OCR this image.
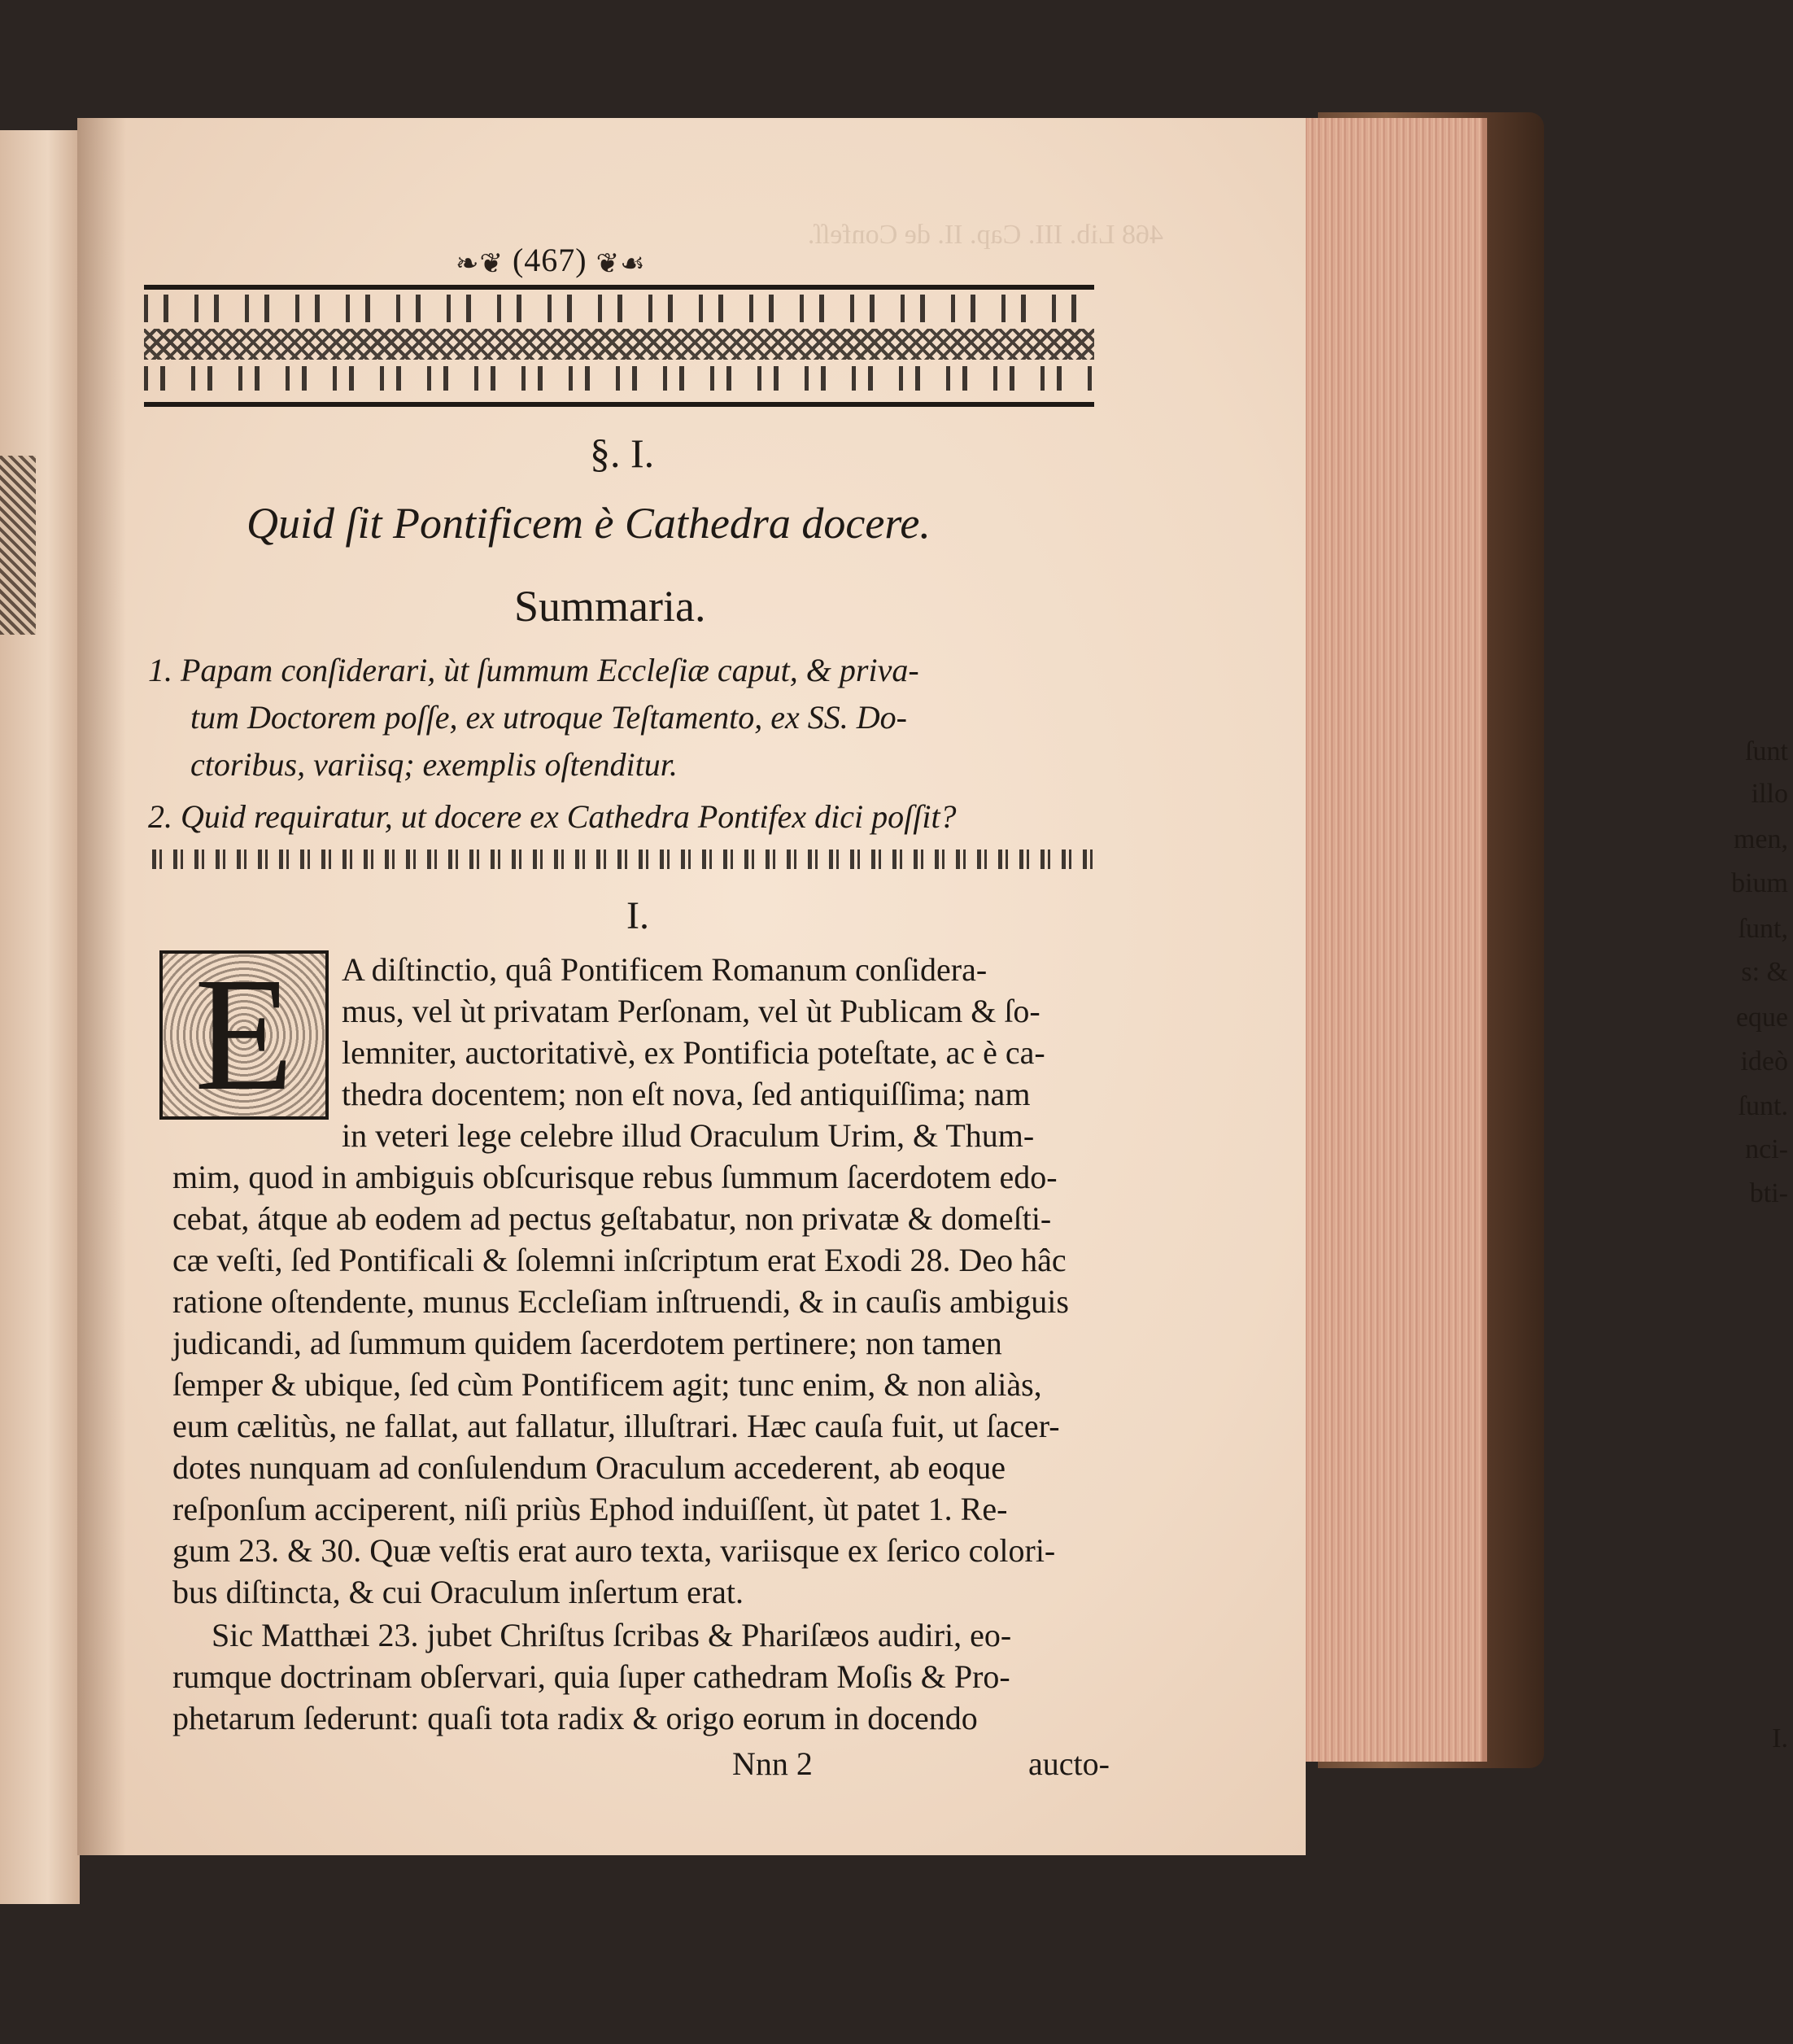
ſunt
illo
men,
bium
ſunt,
s: &
eque
ideò
ſunt.
nci-
bti-
I.
468 Lib. III. Cap. II. de Confeſſ.
❧❦ (467) ❦☙
§. I.
Quid ſit Pontificem è Cathedra docere.
Summaria.
1. Papam conſiderari, ùt ſummum Eccleſiæ caput, & priva-
tum Doctorem poſſe, ex utroque Teſtamento, ex SS. Do-
ctoribus, variisq; exemplis oſtenditur.
2. Quid requiratur, ut docere ex Cathedra Pontifex dici poſſit?
I.
E	A diſtinctio, quâ Pontificem Romanum conſidera-
mus, vel ùt privatam Perſonam, vel ùt Publicam & ſo-
lemniter, auctoritativè, ex Pontificia poteſtate, ac è ca-
thedra docentem; non eſt nova, ſed antiquiſſima; nam
in veteri lege celebre illud Oraculum Urim, & Thum-
mim, quod in ambiguis obſcurisque rebus ſummum ſacerdotem edo-
cebat, átque ab eodem ad pectus geſtabatur, non privatæ & domeſti-
cæ veſti, ſed Pontificali & ſolemni inſcriptum erat Exodi 28. Deo hâc
ratione oſtendente, munus Eccleſiam inſtruendi, & in cauſis ambiguis
judicandi, ad ſummum quidem ſacerdotem pertinere; non tamen
ſemper & ubique, ſed cùm Pontificem agit; tunc enim, & non aliàs,
eum cælitùs, ne fallat, aut fallatur, illuſtrari. Hæc cauſa fuit, ut ſacer-
dotes nunquam ad conſulendum Oraculum accederent, ab eoque
reſponſum acciperent, niſi priùs Ephod induiſſent, ùt patet 1. Re-
gum 23. & 30. Quæ veſtis erat auro texta, variisque ex ſerico colori-
bus diſtincta, & cui Oraculum inſertum erat.
Sic Matthæi 23. jubet Chriſtus ſcribas & Phariſæos audiri, eo-
rumque doctrinam obſervari, quia ſuper cathedram Moſis & Pro-
phetarum ſederunt: quaſi tota radix & origo eorum in docendo
Nnn 2	aucto-
